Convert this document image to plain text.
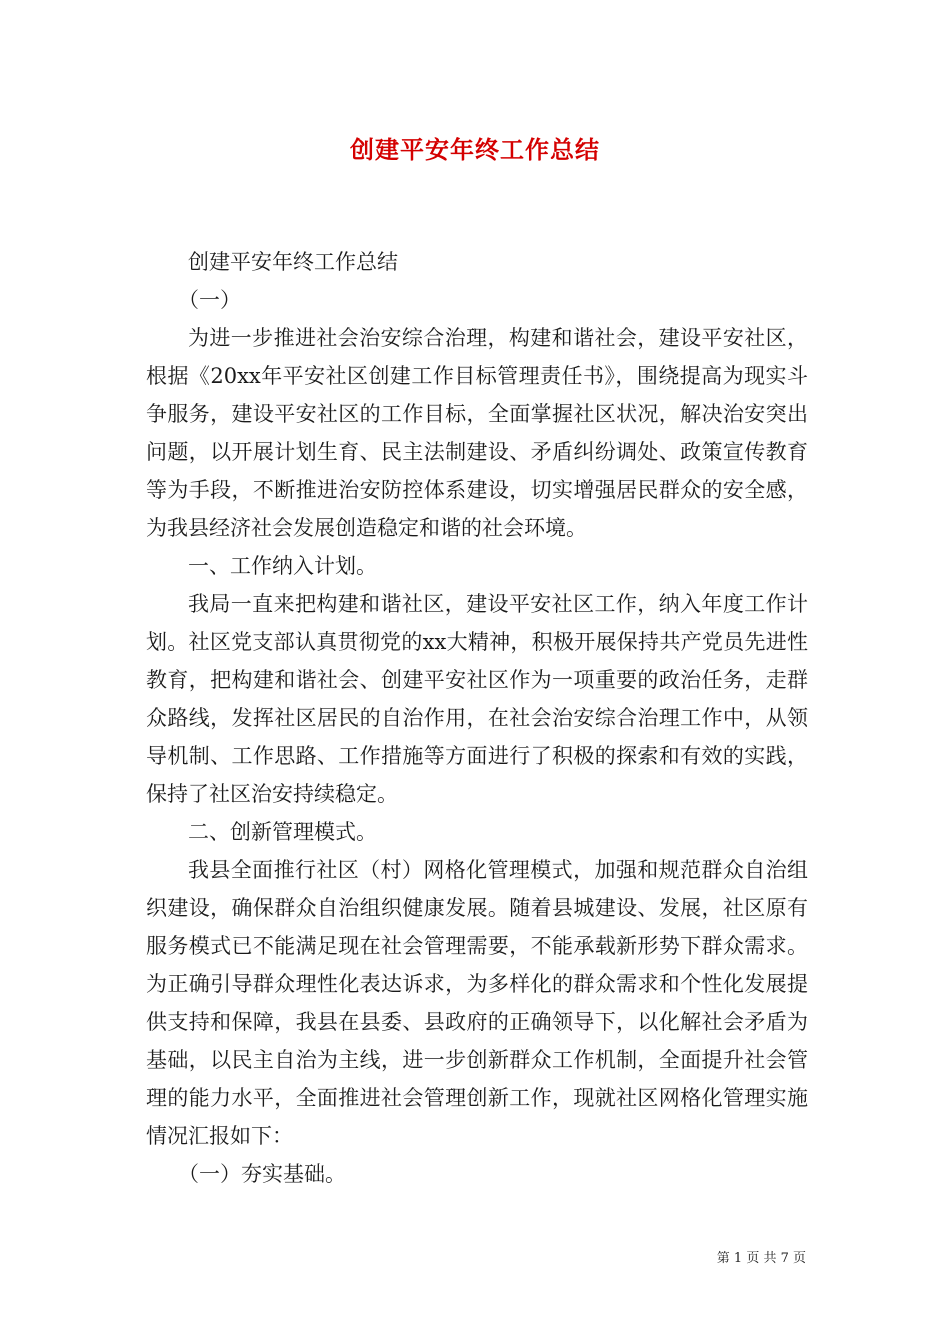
创建平安年终工作总结

创建平安年终工作总结

（一）

为进一步推进社会治安综合治理，构建和谐社会，建设平安社区，根据《20xx年平安社区创建工作目标管理责任书》，围绕提高为现实斗争服务，建设平安社区的工作目标，全面掌握社区状况，解决治安突出问题，以开展计划生育、民主法制建设、矛盾纠纷调处、政策宣传教育等为手段，不断推进治安防控体系建设，切实增强居民群众的安全感，为我县经济社会发展创造稳定和谐的社会环境。

一、工作纳入计划。

我局一直来把构建和谐社区，建设平安社区工作，纳入年度工作计划。社区党支部认真贯彻党的xx大精神，积极开展保持共产党员先进性教育，把构建和谐社会、创建平安社区作为一项重要的政治任务，走群众路线，发挥社区居民的自治作用，在社会治安综合治理工作中，从领导机制、工作思路、工作措施等方面进行了积极的探索和有效的实践，保持了社区治安持续稳定。

二、创新管理模式。

我县全面推行社区（村）网格化管理模式，加强和规范群众自治组织建设，确保群众自治组织健康发展。随着县城建设、发展，社区原有服务模式已不能满足现在社会管理需要，不能承载新形势下群众需求。为正确引导群众理性化表达诉求，为多样化的群众需求和个性化发展提供支持和保障，我县在县委、县政府的正确领导下，以化解社会矛盾为基础，以民主自治为主线，进一步创新群众工作机制，全面提升社会管理的能力水平，全面推进社会管理创新工作，现就社区网格化管理实施情况汇报如下：

（一）夯实基础。

第 1 页 共 7 页
